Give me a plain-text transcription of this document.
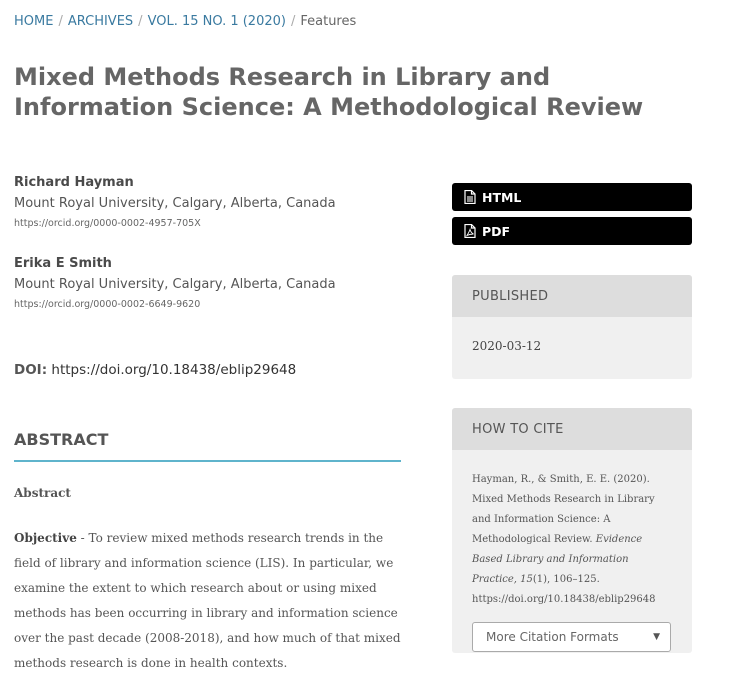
HOME / ARCHIVES / VOL. 15 NO. 1 (2020) / Features
Mixed Methods Research in Library and Information Science: A Methodological Review
Richard Hayman
Mount Royal University, Calgary, Alberta, Canada
https://orcid.org/0000-0002-4957-705X
Erika E Smith
Mount Royal University, Calgary, Alberta, Canada
https://orcid.org/0000-0002-6649-9620
DOI: https://doi.org/10.18438/eblip29648
ABSTRACT
Abstract

Objective - To review mixed methods research trends in the field of library and information science (LIS). In particular, we examine the extent to which research about or using mixed methods has been occurring in library and information science over the past decade (2008-2018), and how much of that mixed methods research is done in health contexts.

HTML
PDF
PUBLISHED
2020-03-12
HOW TO CITE
Hayman, R., & Smith, E. E. (2020). Mixed Methods Research in Library and Information Science: A Methodological Review. Evidence Based Library and Information Practice, 15(1), 106–125. https://doi.org/10.18438/eblip29648
More Citation Formats	▼
